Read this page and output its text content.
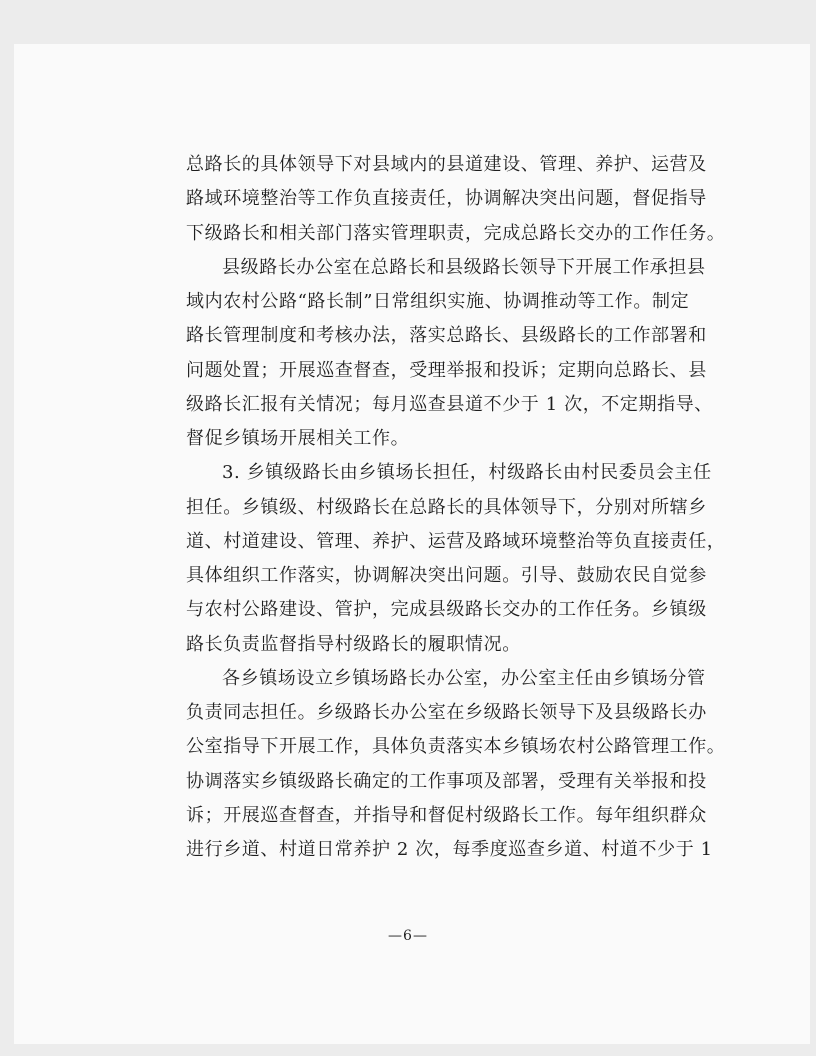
总路长的具体领导下对县域内的县道建设、管理、养护、运营及
路域环境整治等工作负直接责任，协调解决突出问题，督促指导
下级路长和相关部门落实管理职责，完成总路长交办的工作任务。
县级路长办公室在总路长和县级路长领导下开展工作承担县
域内农村公路“路长制”日常组织实施、协调推动等工作。制定
路长管理制度和考核办法，落实总路长、县级路长的工作部署和
问题处置；开展巡查督查，受理举报和投诉；定期向总路长、县
级路长汇报有关情况；每月巡查县道不少于 1 次，不定期指导、
督促乡镇场开展相关工作。
3. 乡镇级路长由乡镇场长担任，村级路长由村民委员会主任
担任。乡镇级、村级路长在总路长的具体领导下，分别对所辖乡
道、村道建设、管理、养护、运营及路域环境整治等负直接责任，
具体组织工作落实，协调解决突出问题。引导、鼓励农民自觉参
与农村公路建设、管护，完成县级路长交办的工作任务。乡镇级
路长负责监督指导村级路长的履职情况。
各乡镇场设立乡镇场路长办公室，办公室主任由乡镇场分管
负责同志担任。乡级路长办公室在乡级路长领导下及县级路长办
公室指导下开展工作，具体负责落实本乡镇场农村公路管理工作。
协调落实乡镇级路长确定的工作事项及部署，受理有关举报和投
诉；开展巡查督查，并指导和督促村级路长工作。每年组织群众
进行乡道、村道日常养护 2 次，每季度巡查乡道、村道不少于 1
—6—
